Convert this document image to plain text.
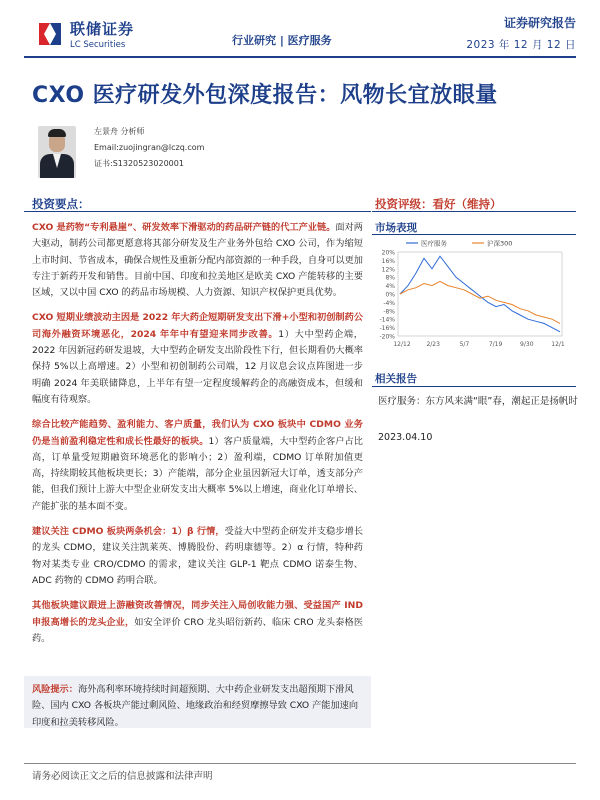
联储证券
LC Securities	行业研究 | 医疗服务
证券研究报告
2023 年 12 月 12 日
CXO 医疗研发外包深度报告：风物长宜放眼量
左景舟 分析师
Email:zuojingran@lczq.com
证书:S1320523020001
投资要点：
CXO 是药物“专利悬崖”、研发效率下滑驱动的药品研产链的代工产业链。面对两大驱动，制药公司都更愿意将其部分研发及生产业务外包给 CXO 公司，作为缩短上市时间、节省成本，确保合规性及重新分配内部资源的一种手段，自身可以更加专注于新药开发和销售。目前中国、印度和拉美地区是欧美 CXO 产能转移的主要区域，又以中国 CXO 的药品市场规模、人力资源、知识产权保护更具优势。
CXO 短期业绩波动主因是 2022 年大药企短期研发支出下滑+小型和初创制药公司海外融资环境恶化，2024 年年中有望迎来同步改善。1）大中型药企端，2022 年因新冠药研发退坡，大中型药企研发支出阶段性下行，但长期看仍大概率保持 5%以上高增速。2）小型和初创制药公司端，12 月议息会议点阵图进一步明确 2024 年美联储降息，上半年有望一定程度缓解药企的高融资成本，但缓和幅度有待观察。
综合比较产能趋势、盈利能力、客户质量，我们认为 CXO 板块中 CDMO 业务仍是当前盈利稳定性和成长性最好的板块。1）客户质量端，大中型药企客户占比高，订单量受短期融资环境恶化的影响小；2）盈利端，CDMO 订单附加值更高，持续期较其他板块更长；3）产能端，部分企业虽因新冠大订单，透支部分产能，但我们预计上游大中型企业研发支出大概率 5%以上增速，商业化订单增长、产能扩张的基本面不变。
建议关注 CDMO 板块两条机会：1）β 行情，受益大中型药企研发并支稳步增长的龙头 CDMO，建议关注凯莱英、博腾股份、药明康德等。2）α 行情，特种药物对某类专业 CRO/CDMO 的需求，建议关注 GLP-1 靶点 CDMO 诺泰生物、ADC 药物的 CDMO 药明合联。
其他板块建议跟进上游融资改善情况，同步关注入局创收能力强、受益国产 IND 申报高增长的龙头企业，如安全评价 CRO 龙头昭衍新药、临床 CRO 龙头泰格医药。
风险提示：海外高利率环境持续时间超预期、大中药企业研发支出超预期下滑风险、国内 CXO 各板块产能过剩风险、地缘政治和经贸摩擦导致 CXO 产能加速向印度和拉美转移风险。
投资评级：看好（维持）
市场表现
20%
16%
12%
8%
4%
0%
-4%
-8%
-14%
-16%
-20%
12/12	2/23	5/7	7/19	9/30	12/1
医疗服务	沪深300
相关报告
医疗服务：东方风来满“眼”春，潮起正是扬帆时
2023.04.10
请务必阅读正文之后的信息披露和法律声明
